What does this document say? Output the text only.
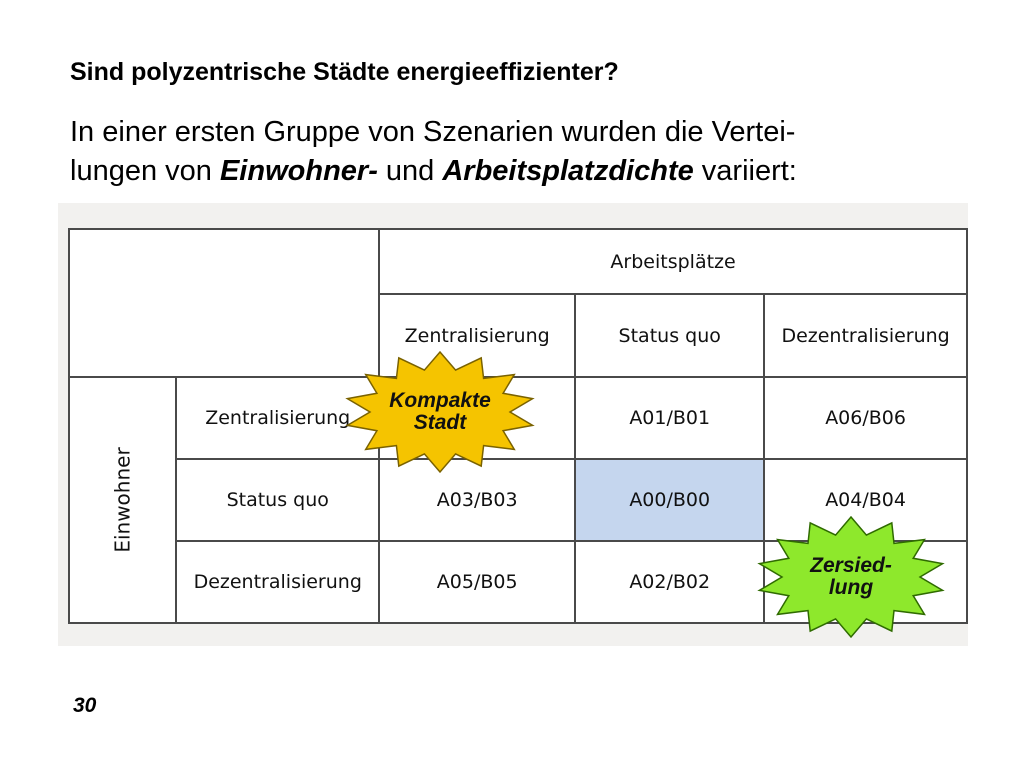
Sind polyzentrische Städte energieeffizienter?
In einer ersten Gruppe von Szenarien wurden die Vertei-
lungen von Einwohner- und Arbeitsplatzdichte variiert:
		Arbeitsplätze		
		Zentralisierung	Status quo	Dezentralisierung
Einwohner	Zentralisierung		A01/B01	A06/B06
	Status quo	A03/B03	A00/B00	A04/B04
	Dezentralisierung	A05/B05	A02/B02	
Kompakte
Stadt
Zersied-
lung
30
